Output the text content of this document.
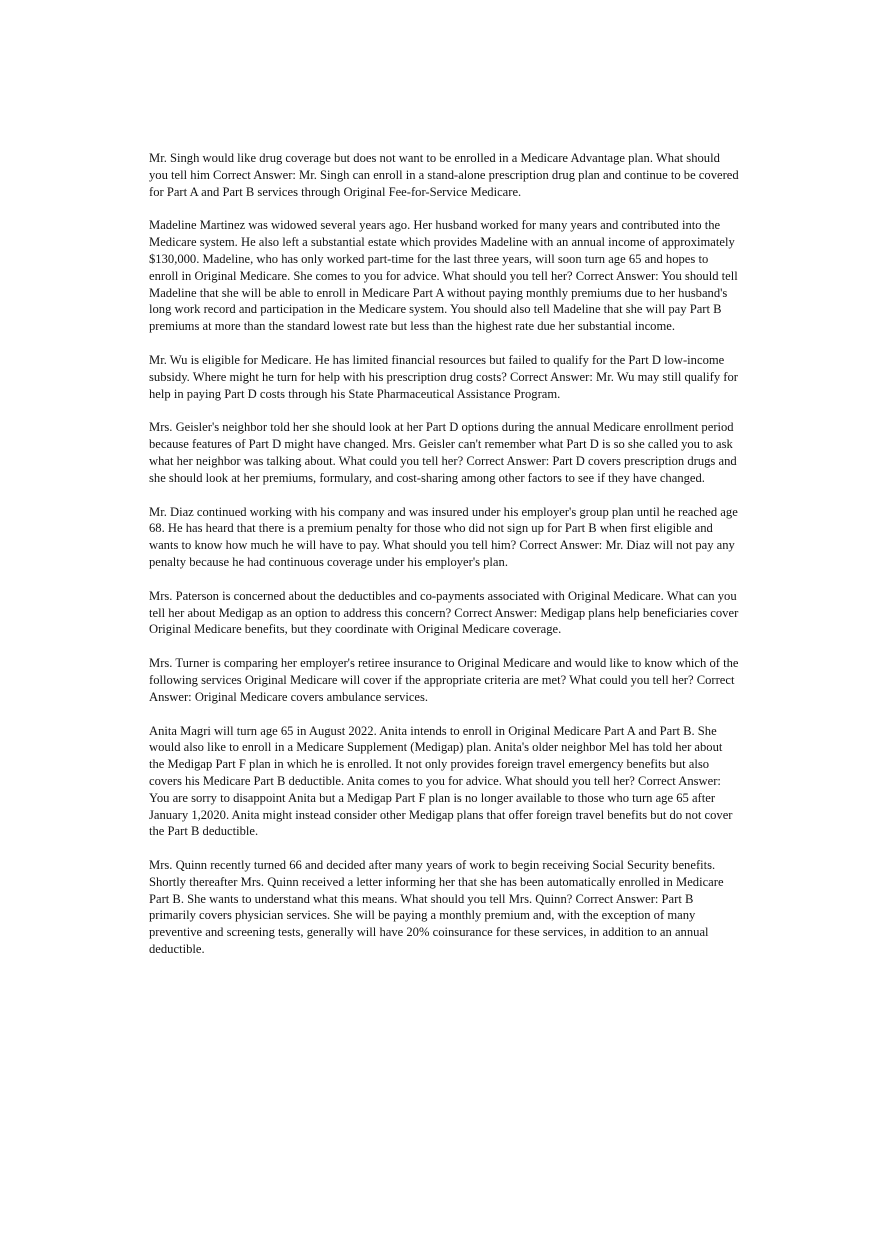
Mr. Singh would like drug coverage but does not want to be enrolled in a Medicare Advantage plan. What should you tell him Correct Answer: Mr. Singh can enroll in a stand-alone prescription drug plan and continue to be covered for Part A and Part B services through Original Fee-for-Service Medicare.

Madeline Martinez was widowed several years ago. Her husband worked for many years and contributed into the Medicare system. He also left a substantial estate which provides Madeline with an annual income of approximately $130,000. Madeline, who has only worked part-time for the last three years, will soon turn age 65 and hopes to enroll in Original Medicare. She comes to you for advice. What should you tell her? Correct Answer: You should tell Madeline that she will be able to enroll in Medicare Part A without paying monthly premiums due to her husband's long work record and participation in the Medicare system. You should also tell Madeline that she will pay Part B premiums at more than the standard lowest rate but less than the highest rate due her substantial income.

Mr. Wu is eligible for Medicare. He has limited financial resources but failed to qualify for the Part D low-income subsidy. Where might he turn for help with his prescription drug costs? Correct Answer: Mr. Wu may still qualify for help in paying Part D costs through his State Pharmaceutical Assistance Program.

Mrs. Geisler's neighbor told her she should look at her Part D options during the annual Medicare enrollment period because features of Part D might have changed. Mrs. Geisler can't remember what Part D is so she called you to ask what her neighbor was talking about. What could you tell her? Correct Answer: Part D covers prescription drugs and she should look at her premiums, formulary, and cost-sharing among other factors to see if they have changed.

Mr. Diaz continued working with his company and was insured under his employer's group plan until he reached age 68. He has heard that there is a premium penalty for those who did not sign up for Part B when first eligible and wants to know how much he will have to pay. What should you tell him? Correct Answer: Mr. Diaz will not pay any penalty because he had continuous coverage under his employer's plan.

Mrs. Paterson is concerned about the deductibles and co-payments associated with Original Medicare. What can you tell her about Medigap as an option to address this concern? Correct Answer: Medigap plans help beneficiaries cover Original Medicare benefits, but they coordinate with Original Medicare coverage.

Mrs. Turner is comparing her employer's retiree insurance to Original Medicare and would like to know which of the following services Original Medicare will cover if the appropriate criteria are met? What could you tell her? Correct Answer: Original Medicare covers ambulance services.

Anita Magri will turn age 65 in August 2022. Anita intends to enroll in Original Medicare Part A and Part B. She would also like to enroll in a Medicare Supplement (Medigap) plan. Anita's older neighbor Mel has told her about the Medigap Part F plan in which he is enrolled. It not only provides foreign travel emergency benefits but also covers his Medicare Part B deductible. Anita comes to you for advice. What should you tell her? Correct Answer: You are sorry to disappoint Anita but a Medigap Part F plan is no longer available to those who turn age 65 after January 1,2020. Anita might instead consider other Medigap plans that offer foreign travel benefits but do not cover the Part B deductible.

Mrs. Quinn recently turned 66 and decided after many years of work to begin receiving Social Security benefits. Shortly thereafter Mrs. Quinn received a letter informing her that she has been automatically enrolled in Medicare Part B. She wants to understand what this means. What should you tell Mrs. Quinn? Correct Answer: Part B primarily covers physician services. She will be paying a monthly premium and, with the exception of many preventive and screening tests, generally will have 20% coinsurance for these services, in addition to an annual deductible.
